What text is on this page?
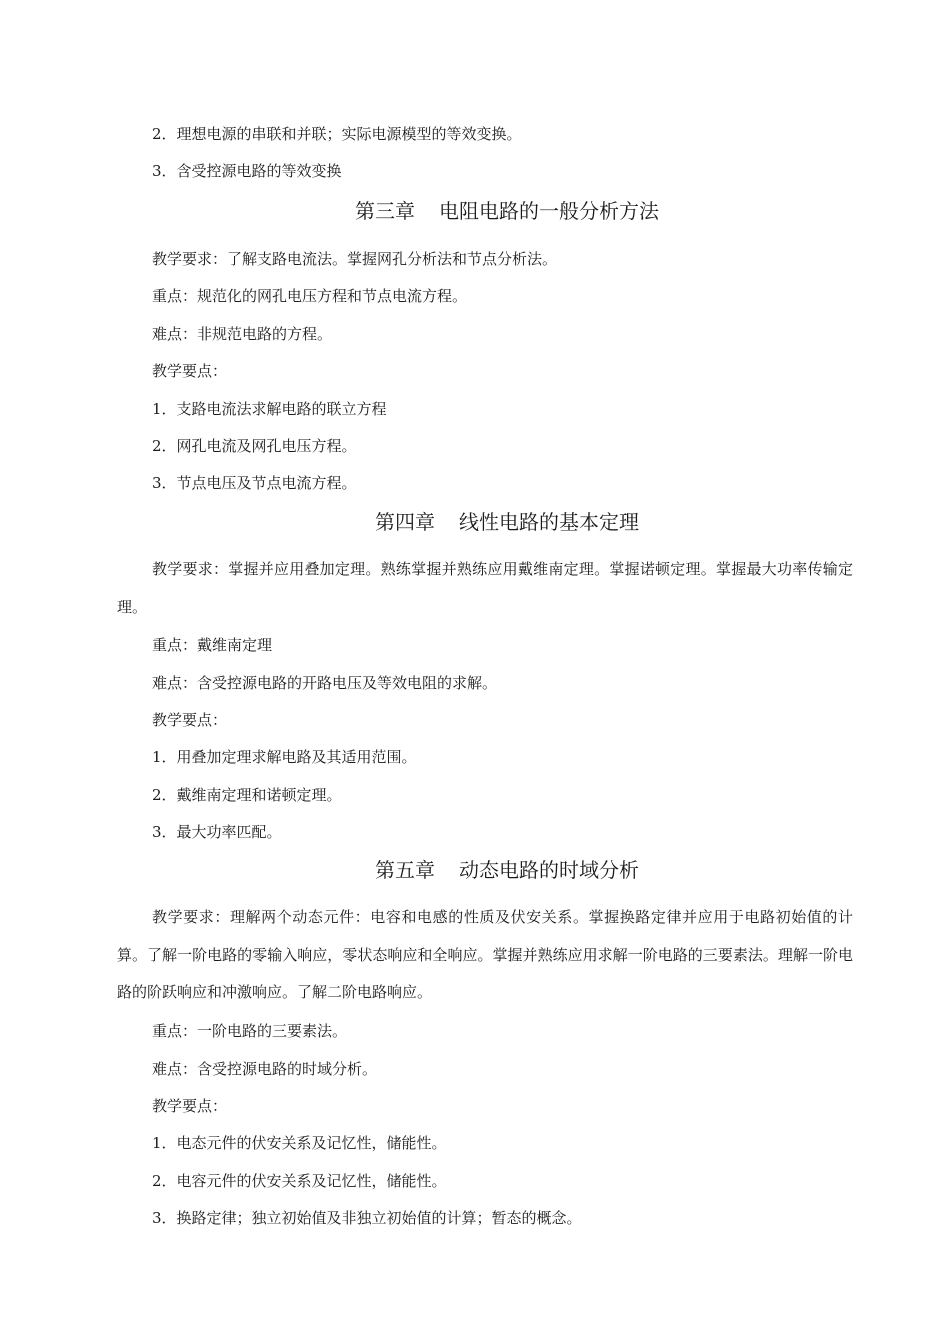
2．理想电源的串联和并联；实际电源模型的等效变换。
3．含受控源电路的等效变换
第三章 电阻电路的一般分析方法
教学要求：了解支路电流法。掌握网孔分析法和节点分析法。
重点：规范化的网孔电压方程和节点电流方程。
难点：非规范电路的方程。
教学要点：
1．支路电流法求解电路的联立方程
2．网孔电流及网孔电压方程。
3．节点电压及节点电流方程。
第四章 线性电路的基本定理
教学要求：掌握并应用叠加定理。熟练掌握并熟练应用戴维南定理。掌握诺顿定理。掌握最大功率传输定理。
重点：戴维南定理
难点：含受控源电路的开路电压及等效电阻的求解。
教学要点：
1．用叠加定理求解电路及其适用范围。
2．戴维南定理和诺顿定理。
3．最大功率匹配。
第五章 动态电路的时域分析
教学要求：理解两个动态元件：电容和电感的性质及伏安关系。掌握换路定律并应用于电路初始值的计算。了解一阶电路的零输入响应，零状态响应和全响应。掌握并熟练应用求解一阶电路的三要素法。理解一阶电路的阶跃响应和冲激响应。了解二阶电路响应。
重点：一阶电路的三要素法。
难点：含受控源电路的时域分析。
教学要点：
1．电态元件的伏安关系及记忆性，储能性。
2．电容元件的伏安关系及记忆性，储能性。
3．换路定律；独立初始值及非独立初始值的计算；暂态的概念。
